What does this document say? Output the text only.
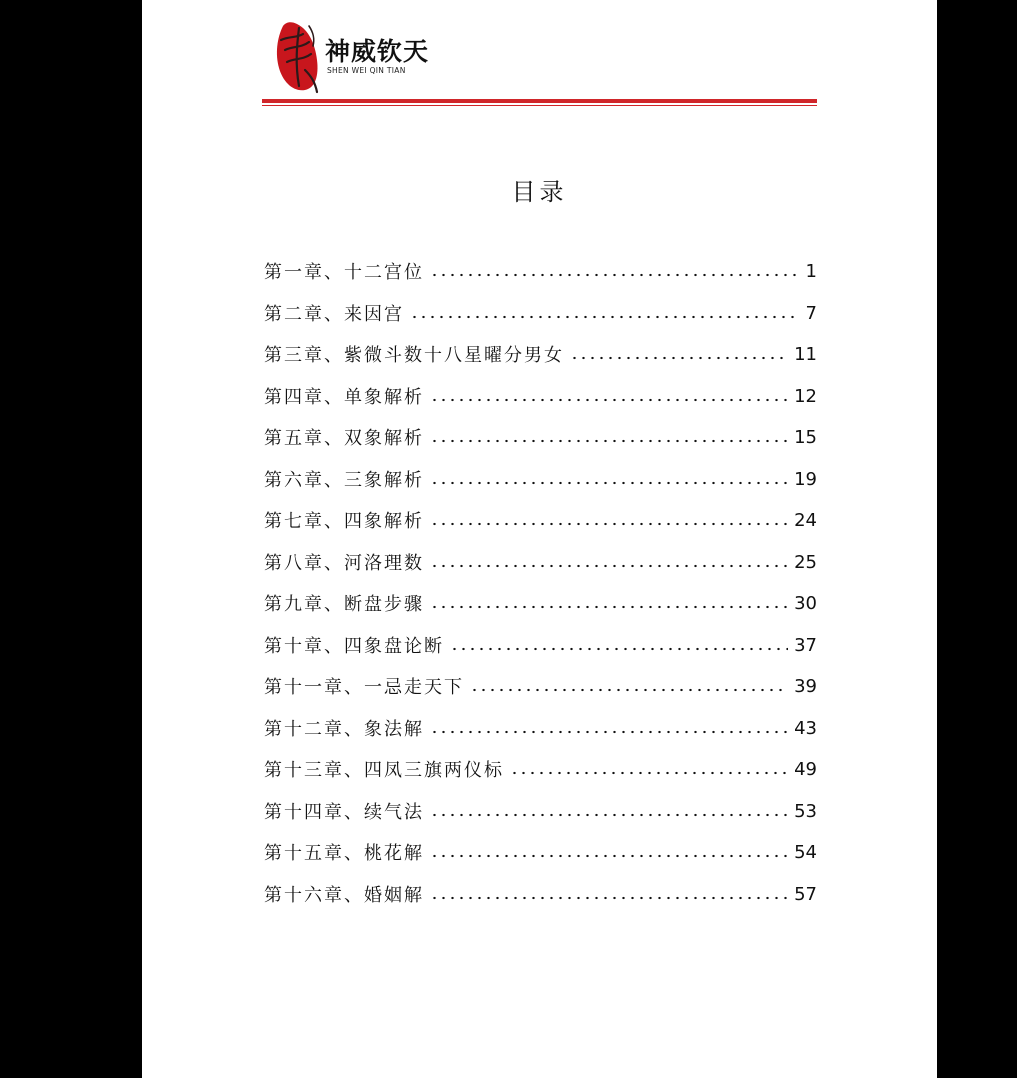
神威钦天
SHEN WEI QIN TIAN
目录
第一章、十二宫位	1
第二章、来因宫	7
第三章、紫微斗数十八星曜分男女	11
第四章、单象解析	12
第五章、双象解析	15
第六章、三象解析	19
第七章、四象解析	24
第八章、河洛理数	25
第九章、断盘步骤	30
第十章、四象盘论断	37
第十一章、一忌走天下	39
第十二章、象法解	43
第十三章、四凤三旗两仪标	49
第十四章、续气法	53
第十五章、桃花解	54
第十六章、婚姻解	57
